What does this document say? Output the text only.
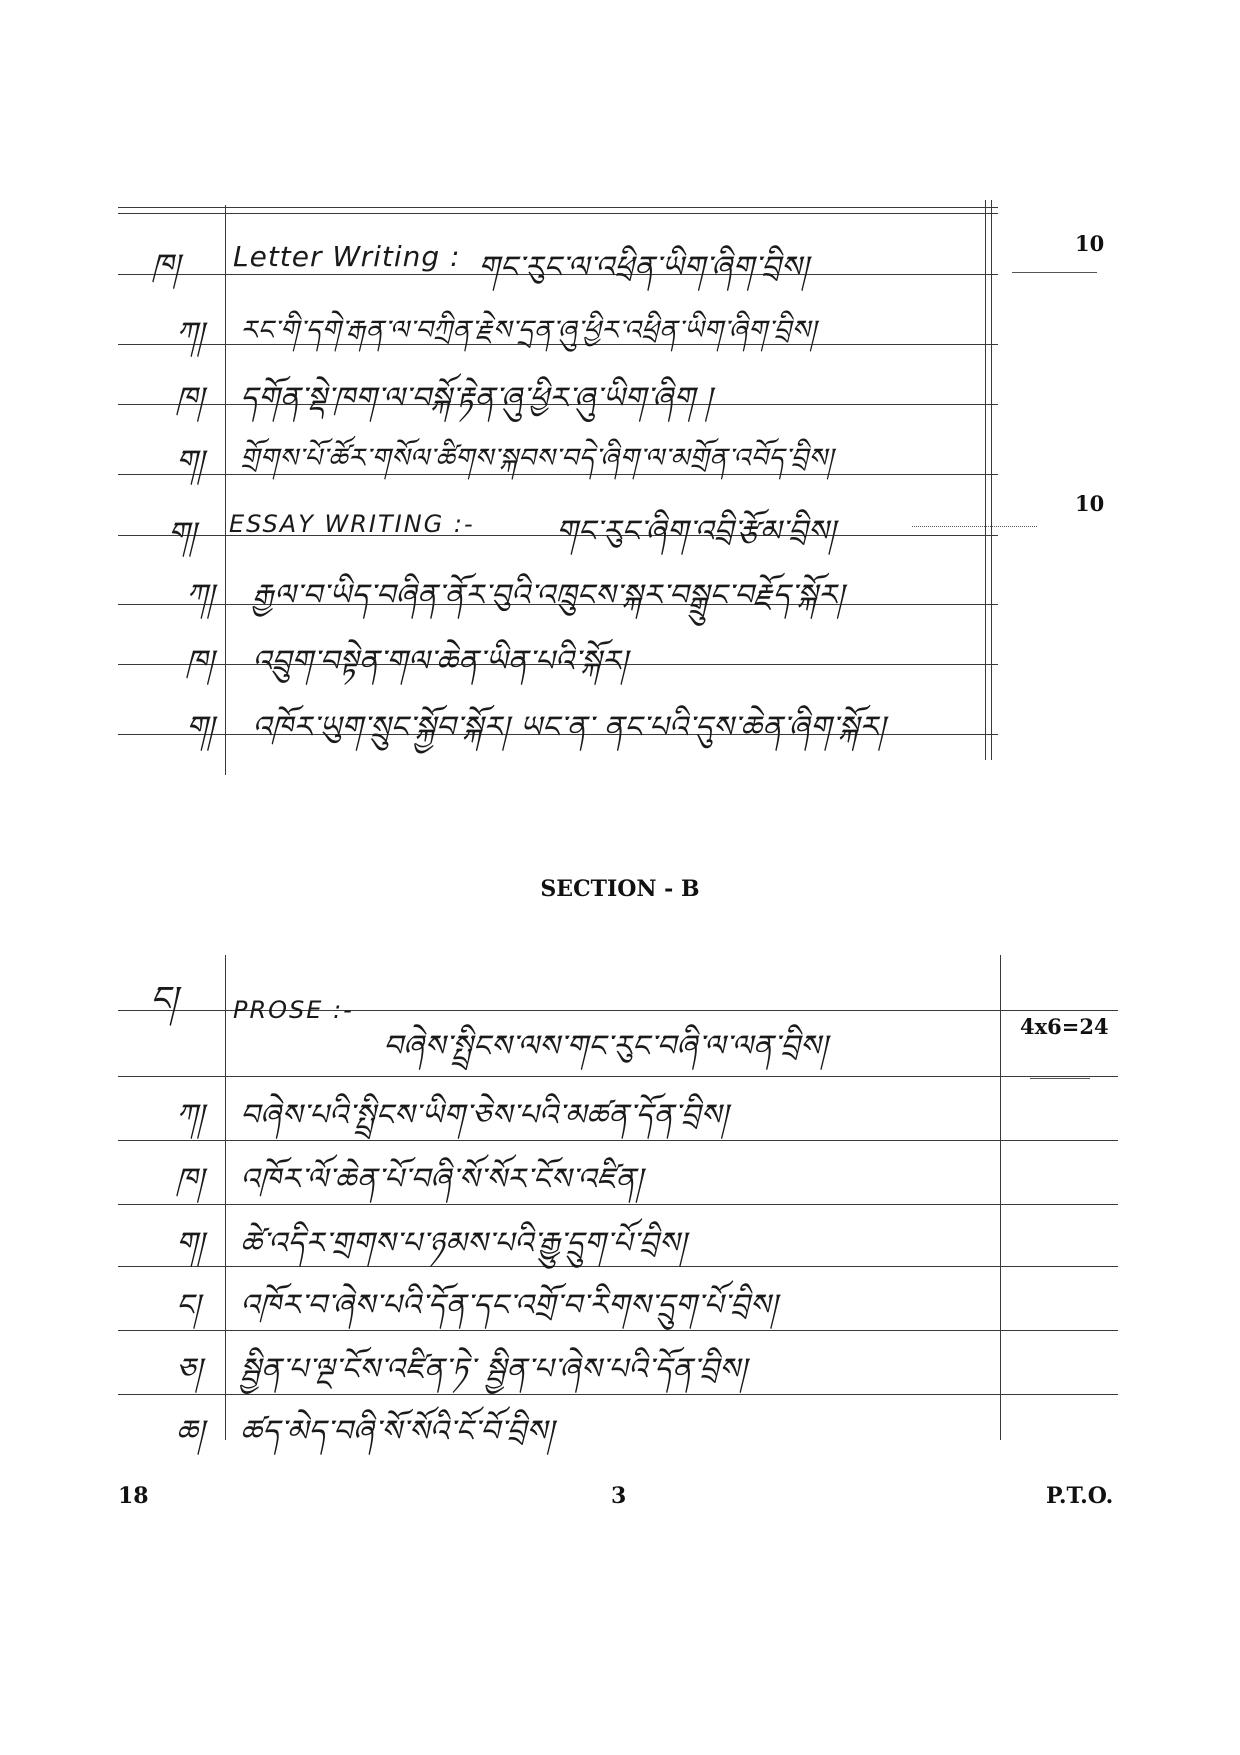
ཁ། Letter Writing : གང་རུང་ལ་འཕྲིན་ཡིག་ཞིག་བྲིས།
10
ཀ། རང་གི་དགེ་རྒན་ལ་བཀྲིན་རྗེས་དྲན་ཞུ་ཕྱིར་འཕྲིན་ཡིག་ཞིག་བྲིས།
ཁ། དགོན་སྡེ་ཁག་ལ་བསྐོ་རྟེན་ཞུ་ཕྱིར་ཞུ་ཡིག་ཞིག །
ག། གྲོགས་པོ་ཚོར་གསོལ་ཚིགས་སྐབས་བདེ་ཞིག་ལ་མགྲོན་འབོད་བྲིས།
ག། ESSAY WRITING :-	གང་རུང་ཞིག་འབྲི་རྩོམ་བྲིས།
10
ཀ། རྒྱལ་བ་ཡིད་བཞིན་ནོར་བུའི་འཁྲུངས་སྐར་བསྒྲུང་བརྗོད་སྐོར།
ཁ། འབྲུག་བསྟེན་གལ་ཆེན་ཡིན་པའི་སྐོར།
ག། འཁོར་ཡུག་སྲུང་སྐྱོབ་སྐོར། ཡང་ན་ ནང་པའི་དུས་ཆེན་ཞིག་སྐོར།
SECTION - B
ང། PROSE :-
བཞེས་སྤྲིངས་ལས་གང་རུང་བཞི་ལ་ལན་བྲིས།
4x6=24
ཀ། བཞེས་པའི་སྤྲིངས་ཡིག་ཅེས་པའི་མཚན་དོན་བྲིས།
ཁ། འཁོར་ལོ་ཆེན་པོ་བཞི་སོ་སོར་ངོས་འཛིན།
ག། ཚེ་འདིར་གྲགས་པ་ཉམས་པའི་རྒྱུ་དྲུག་པོ་བྲིས།
ང། འཁོར་བ་ཞེས་པའི་དོན་དང་འགྲོ་བ་རིགས་དྲུག་པོ་བྲིས།
ཅ། སྦྱིན་པ་ལྔ་ངོས་འཛིན་ཏེ་ སྦྱིན་པ་ཞེས་པའི་དོན་བྲིས།
ཆ། ཚད་མེད་བཞི་སོ་སོའི་ངོ་བོ་བྲིས།
18	3	P.T.O.
